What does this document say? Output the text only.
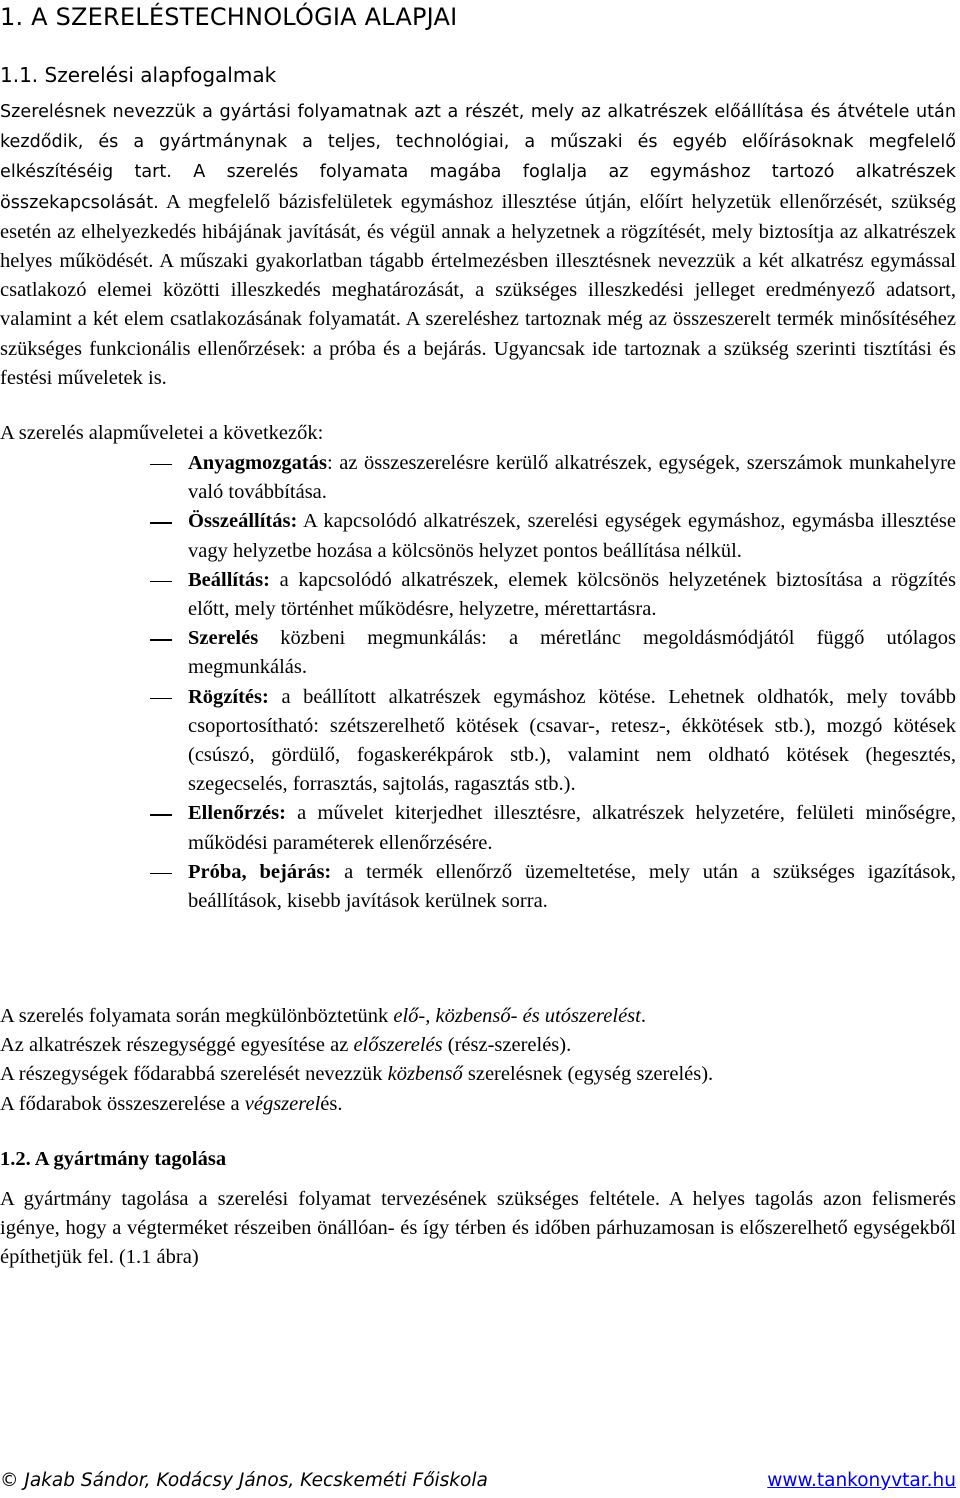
1. A SZERELÉSTECHNOLÓGIA ALAPJAI
1.1. Szerelési alapfogalmak

Szerelésnek nevezzük a gyártási folyamatnak azt a részét, mely az alkatrészek előállítása és átvétele után kezdődik, és a gyártmánynak a teljes, technológiai, a műszaki és egyéb előírásoknak megfelelő elkészítéséig tart. A szerelés folyamata magába foglalja az egymáshoz tartozó alkatrészek összekapcsolását. A megfelelő bázisfelületek egymáshoz illesztése útján, előírt helyzetük ellenőrzését, szükség esetén az elhelyezkedés hibájának javítását, és végül annak a helyzetnek a rögzítését, mely biztosítja az alkatrészek helyes működését. A műszaki gyakorlatban tágabb értelmezésben illesztésnek nevezzük a két alkatrész egymással csatlakozó elemei közötti illeszkedés meghatározását, a szükséges illeszkedési jelleget eredményező adatsort, valamint a két elem csatlakozásának folyamatát. A szereléshez tartoznak még az összeszerelt termék minősítéséhez szükséges funkcionális ellenőrzések: a próba és a bejárás. Ugyancsak ide tartoznak a szükség szerinti tisztítási és festési műveletek is.

A szerelés alapműveletei a következők:

Anyagmozgatás: az összeszerelésre kerülő alkatrészek, egységek, szerszámok munkahelyre való továbbítása.
Összeállítás: A kapcsolódó alkatrészek, szerelési egységek egymáshoz, egymásba illesztése vagy helyzetbe hozása a kölcsönös helyzet pontos beállítása nélkül.
Beállítás: a kapcsolódó alkatrészek, elemek kölcsönös helyzetének biztosítása a rögzítés előtt, mely történhet működésre, helyzetre, mérettartásra.
Szerelés közbeni megmunkálás: a méretlánc megoldásmódjától függő utólagos megmunkálás.
Rögzítés: a beállított alkatrészek egymáshoz kötése. Lehetnek oldhatók, mely tovább csoportosítható: szétszerelhető kötések (csavar-, retesz-, ékkötések stb.), mozgó kötések (csúszó, gördülő, fogaskerékpárok stb.), valamint nem oldható kötések (hegesztés, szegecselés, forrasztás, sajtolás, ragasztás stb.).
Ellenőrzés: a művelet kiterjedhet illesztésre, alkatrészek helyzetére, felületi minőségre, működési paraméterek ellenőrzésére.
Próba, bejárás: a termék ellenőrző üzemeltetése, mely után a szükséges igazítások, beállítások, kisebb javítások kerülnek sorra.
A szerelés folyamata során megkülönböztetünk elő-, közbenső- és utószerelést.
Az alkatrészek részegységgé egyesítése az előszerelés (rész-szerelés).
A részegységek fődarabbá szerelését nevezzük közbenső szerelésnek (egység szerelés).
A fődarabok összeszerelése a végszerelés.
1.2. A gyártmány tagolása

A gyártmány tagolása a szerelési folyamat tervezésének szükséges feltétele. A helyes tagolás azon felismerés igénye, hogy a végterméket részeiben önállóan- és így térben és időben párhuzamosan is előszerelhető egységekből építhetjük fel. (1.1 ábra)

© Jakab Sándor, Kodácsy János, Kecskeméti Főiskola	www.tankonyvtar.hu
